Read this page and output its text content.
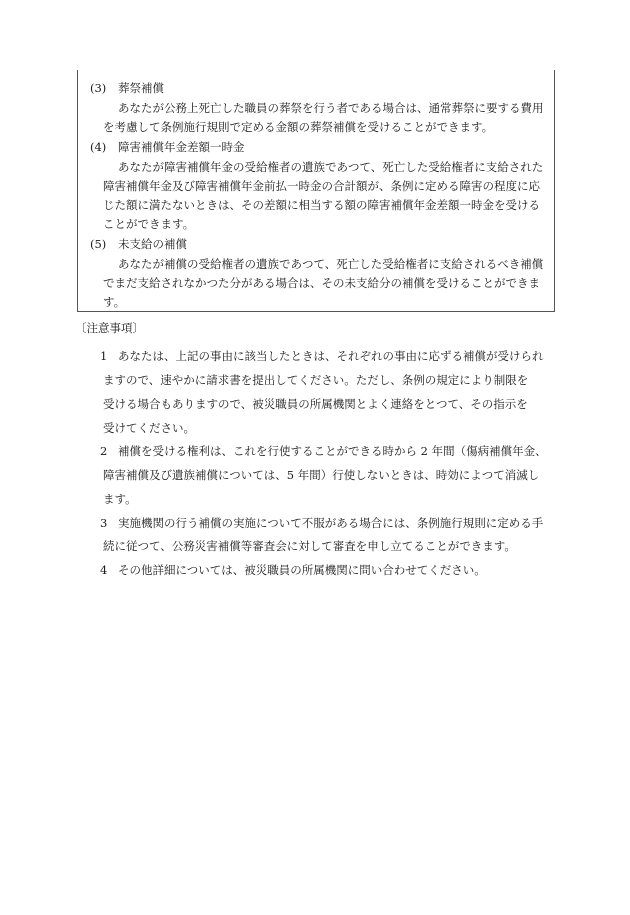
(3) 葬祭補償
あなたが公務上死亡した職員の葬祭を行う者である場合は、通常葬祭に要する費用
を考慮して条例施行規則で定める金額の葬祭補償を受けることができます。
(4) 障害補償年金差額一時金
あなたが障害補償年金の受給権者の遺族であつて、死亡した受給権者に支給された
障害補償年金及び障害補償年金前払一時金の合計額が、条例に定める障害の程度に応
じた額に満たないときは、その差額に相当する額の障害補償年金差額一時金を受ける
ことができます。
(5) 未支給の補償
あなたが補償の受給権者の遺族であつて、死亡した受給権者に支給されるべき補償
でまだ支給されなかつた分がある場合は、その未支給分の補償を受けることができま
す。
〔注意事項〕
1 あなたは、上記の事由に該当したときは、それぞれの事由に応ずる補償が受けられ
ますので、速やかに請求書を提出してください。ただし、条例の規定により制限を
受ける場合もありますので、被災職員の所属機関とよく連絡をとつて、その指示を
受けてください。
2 補償を受ける権利は、これを行使することができる時から 2 年間（傷病補償年金、
障害補償及び遺族補償については、5 年間）行使しないときは、時効によつて消滅し
ます。
3 実施機関の行う補償の実施について不服がある場合には、条例施行規則に定める手
続に従つて、公務災害補償等審査会に対して審査を申し立てることができます。
4 その他詳細については、被災職員の所属機関に問い合わせてください。
